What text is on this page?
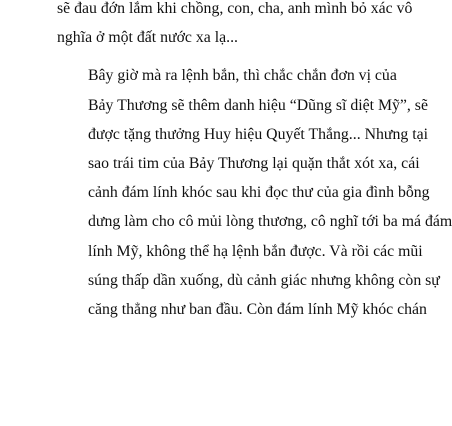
sẽ đau đớn lắm khi chồng, con, cha, anh mình bỏ xác vô
nghĩa ở một đất nước xa lạ...

Bây giờ mà ra lệnh bắn, thì chắc chắn đơn vị của
Bảy Thương sẽ thêm danh hiệu “Dũng sĩ diệt Mỹ”, sẽ
được tặng thưởng Huy hiệu Quyết Thắng... Nhưng tại
sao trái tim của Bảy Thương lại quặn thắt xót xa, cái
cảnh đám lính khóc sau khi đọc thư của gia đình bỗng
dưng làm cho cô mủi lòng thương, cô nghĩ tới ba má đám
lính Mỹ, không thể hạ lệnh bắn được. Và rồi các mũi
súng thấp dần xuống, dù cảnh giác nhưng không còn sự
căng thẳng như ban đầu. Còn đám lính Mỹ khóc chán
